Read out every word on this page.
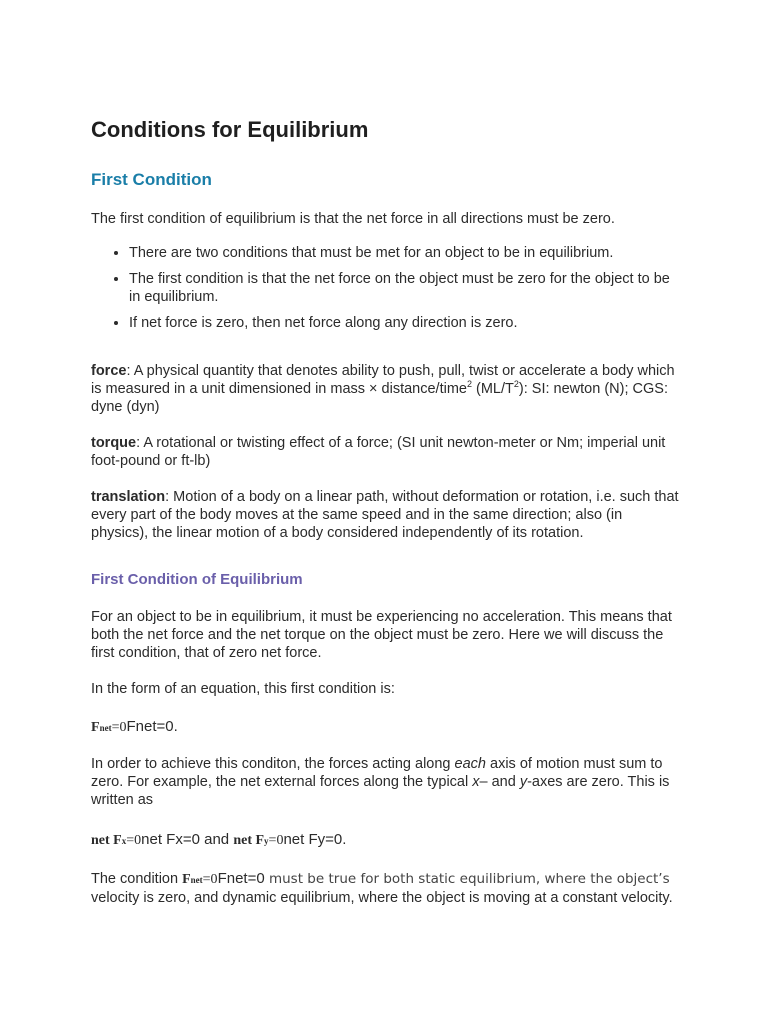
Conditions for Equilibrium
First Condition

The first condition of equilibrium is that the net force in all directions must be zero.

• There are two conditions that must be met for an object to be in equilibrium.
• The first condition is that the net force on the object must be zero for the object to be in equilibrium.
• If net force is zero, then net force along any direction is zero.

force: A physical quantity that denotes ability to push, pull, twist or accelerate a body which is measured in a unit dimensioned in mass × distance/time$^2$ $(ML/T^2)$: SI: newton (N); CGS: dyne (dyn)

torque: A rotational or twisting effect of a force; (SI unit newton-meter or Nm; imperial unit foot-pound or ft-lb)

translation: Motion of a body on a linear path, without deformation or rotation, i.e. such that every part of the body moves at the same speed and in the same direction; also (in physics), the linear motion of a body considered independently of its rotation.

First Condition of Equilibrium

For an object to be in equilibrium, it must be experiencing no acceleration. This means that both the net force and the net torque on the object must be zero. Here we will discuss the first condition, that of zero net force.

In the form of an equation, this first condition is:

Fnet=0Fnet=0.

In order to achieve this conditon, the forces acting along each axis of motion must sum to zero. For example, the net external forces along the typical x– and y-axes are zero. This is written as

net Fx=0net Fx=0 and net Fy=0net Fy=0.

The condition Fnet=0Fnet=0 must be true for both static equilibrium, where the object’s velocity is zero, and dynamic equilibrium, where the object is moving at a constant velocity.
